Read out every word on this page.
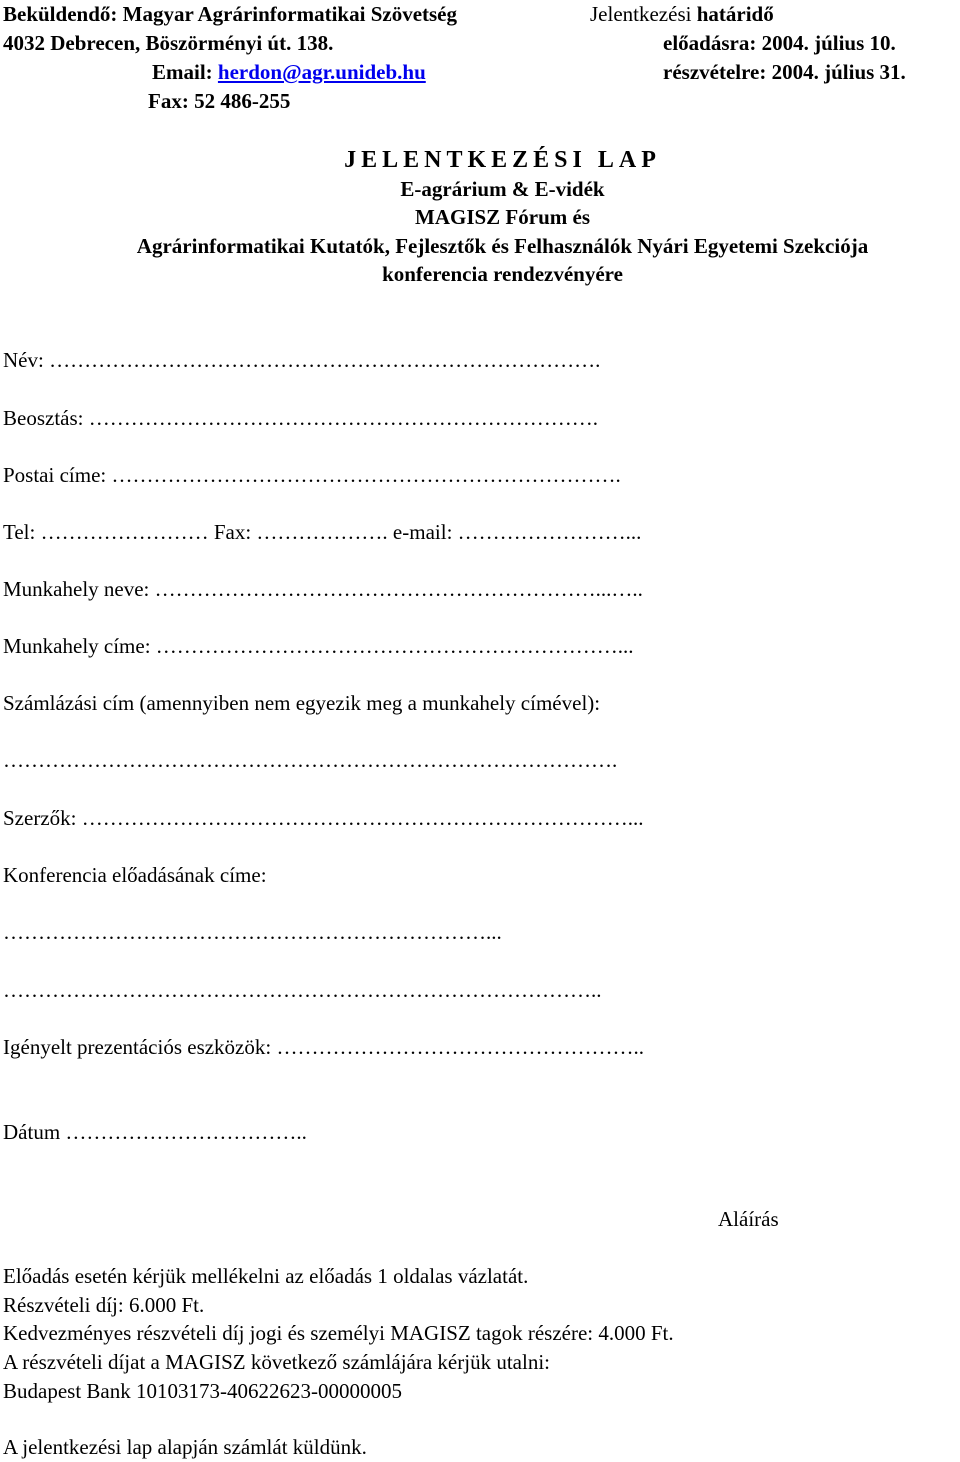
Beküldendő: Magyar Agrárinformatikai Szövetség
4032 Debrecen, Böszörményi út. 138.
Email: herdon@agr.unideb.hu
Fax: 52 486-255
Jelentkezési határidő
előadásra: 2004. július 10.
részvételre: 2004. július 31.
JELENTKEZÉSI LAP
E-agrárium & E-vidék
MAGISZ Fórum és
Agrárinformatikai Kutatók, Fejlesztők és Felhasználók Nyári Egyetemi Szekciója
konferencia rendezvényére
Név: …………………………………………………………………….
Beosztás: ……………………………………………………………….
Postai címe: ……………………………………………………………….
Tel: …………………… Fax: ………………. e-mail: ……………………...
Munkahely neve: ………………………………………………………...…..
Munkahely címe: …………………………………………………………...
Számlázási cím (amennyiben nem egyezik meg a munkahely címével):
…………………………………………………………………………….
Szerzők: ……………………………………………………………………...
Konferencia előadásának címe:
……………………………………………………………...
…………………………………………………………………………..
Igényelt prezentációs eszközök: ……………………………………………..
Dátum ……………………………..
Aláírás
Előadás esetén kérjük mellékelni az előadás 1 oldalas vázlatát.
Részvételi díj: 6.000 Ft.
Kedvezményes részvételi díj jogi és személyi MAGISZ tagok részére: 4.000 Ft.
A részvételi díjat a MAGISZ következő számlájára kérjük utalni:
Budapest Bank 10103173-40622623-00000005
A jelentkezési lap alapján számlát küldünk.
